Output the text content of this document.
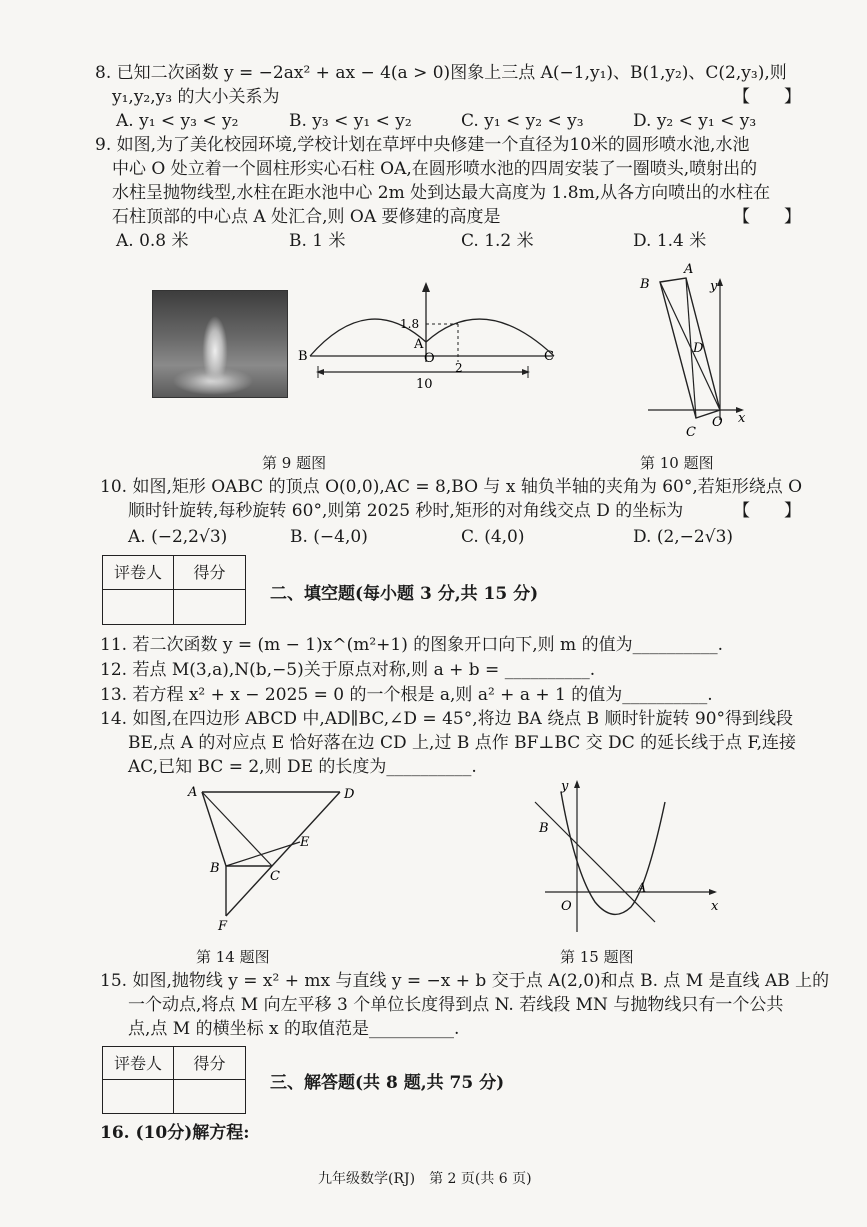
8. 已知二次函数 y = −2ax² + ax − 4(a > 0)图象上三点 A(−1,y₁)、B(1,y₂)、C(2,y₃),则
y₁,y₂,y₃ 的大小关系为	【　　】
A. y₁ < y₃ < y₂	B. y₃ < y₁ < y₂	C. y₁ < y₂ < y₃	D. y₂ < y₁ < y₃
9. 如图,为了美化校园环境,学校计划在草坪中央修建一个直径为10米的圆形喷水池,水池
中心 O 处立着一个圆柱形实心石柱 OA,在圆形喷水池的四周安装了一圈喷头,喷射出的
水柱呈抛物线型,水柱在距水池中心 2m 处到达最大高度为 1.8m,从各方向喷出的水柱在
石柱顶部的中心点 A 处汇合,则 OA 要修建的高度是	【　　】
A. 0.8 米	B. 1 米	C. 1.2 米	D. 1.4 米
B	C
A
O
1.8
2
10
第 9 题图
B
A
D
C
O x
y
第 10 题图
10. 如图,矩形 OABC 的顶点 O(0,0),AC = 8,BO 与 x 轴负半轴的夹角为 60°,若矩形绕点 O
顺时针旋转,每秒旋转 60°,则第 2025 秒时,矩形的对角线交点 D 的坐标为	【　　】
A. (−2,2√3)	B. (−4,0)	C. (4,0)	D. (2,−2√3)
评卷人	得分
二、填空题(每小题 3 分,共 15 分)
11. 若二次函数 y = (m − 1)x^(m²+1) 的图象开口向下,则 m 的值为__________.
12. 若点 M(3,a),N(b,−5)关于原点对称,则 a + b = __________.
13. 若方程 x² + x − 2025 = 0 的一个根是 a,则 a² + a + 1 的值为__________.
14. 如图,在四边形 ABCD 中,AD∥BC,∠D = 45°,将边 BA 绕点 B 顺时针旋转 90°得到线段
BE,点 A 的对应点 E 恰好落在边 CD 上,过 B 点作 BF⊥BC 交 DC 的延长线于点 F,连接
AC,已知 BC = 2,则 DE 的长度为__________.
A	D
E
B
C
F
第 14 题图
y
B
A
O	x
第 15 题图
15. 如图,抛物线 y = x² + mx 与直线 y = −x + b 交于点 A(2,0)和点 B. 点 M 是直线 AB 上的
一个动点,将点 M 向左平移 3 个单位长度得到点 N. 若线段 MN 与抛物线只有一个公共
点,点 M 的横坐标 x 的取值范是__________.
评卷人	得分
三、解答题(共 8 题,共 75 分)
16. (10分)解方程:
九年级数学(RJ)　第 2 页(共 6 页)
